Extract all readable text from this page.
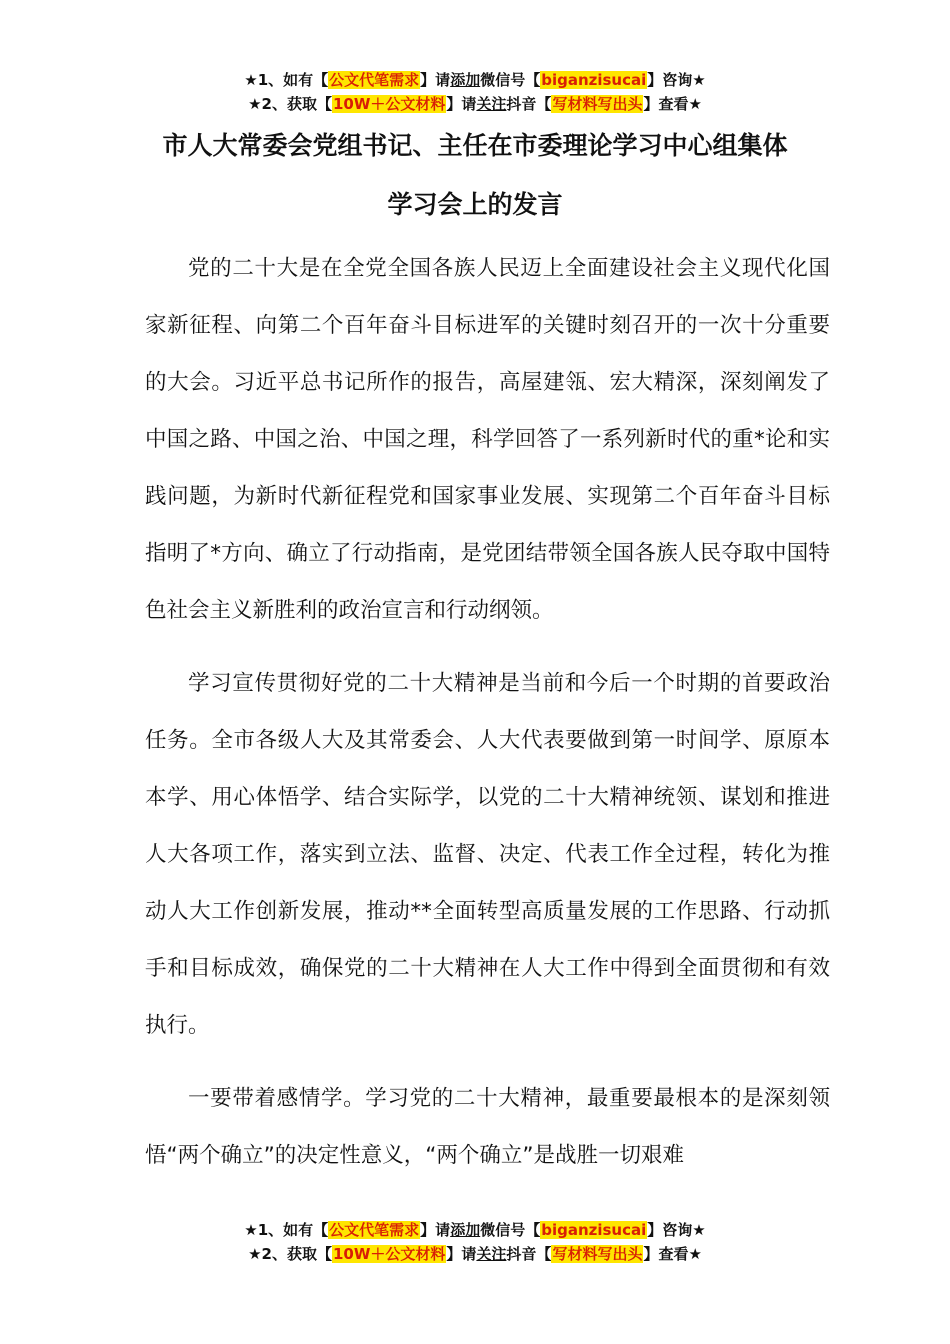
★1、如有【公文代笔需求】请添加微信号【biganzisucai】咨询★
★2、获取【10W＋公文材料】请关注抖音【写材料写出头】查看★
市人大常委会党组书记、主任在市委理论学习中心组集体
学习会上的发言

党的二十大是在全党全国各族人民迈上全面建设社会主义现代化国家新征程、向第二个百年奋斗目标进军的关键时刻召开的一次十分重要的大会。习近平总书记所作的报告，高屋建瓴、宏大精深，深刻阐发了中国之路、中国之治、中国之理，科学回答了一系列新时代的重*论和实践问题，为新时代新征程党和国家事业发展、实现第二个百年奋斗目标指明了*方向、确立了行动指南，是党团结带领全国各族人民夺取中国特色社会主义新胜利的政治宣言和行动纲领。

学习宣传贯彻好党的二十大精神是当前和今后一个时期的首要政治任务。全市各级人大及其常委会、人大代表要做到第一时间学、原原本本学、用心体悟学、结合实际学，以党的二十大精神统领、谋划和推进人大各项工作，落实到立法、监督、决定、代表工作全过程，转化为推动人大工作创新发展，推动**全面转型高质量发展的工作思路、行动抓手和目标成效，确保党的二十大精神在人大工作中得到全面贯彻和有效执行。

一要带着感情学。学习党的二十大精神，最重要最根本的是深刻领悟“两个确立”的决定性意义，“两个确立”是战胜一切艰难

★1、如有【公文代笔需求】请添加微信号【biganzisucai】咨询★
★2、获取【10W＋公文材料】请关注抖音【写材料写出头】查看★
